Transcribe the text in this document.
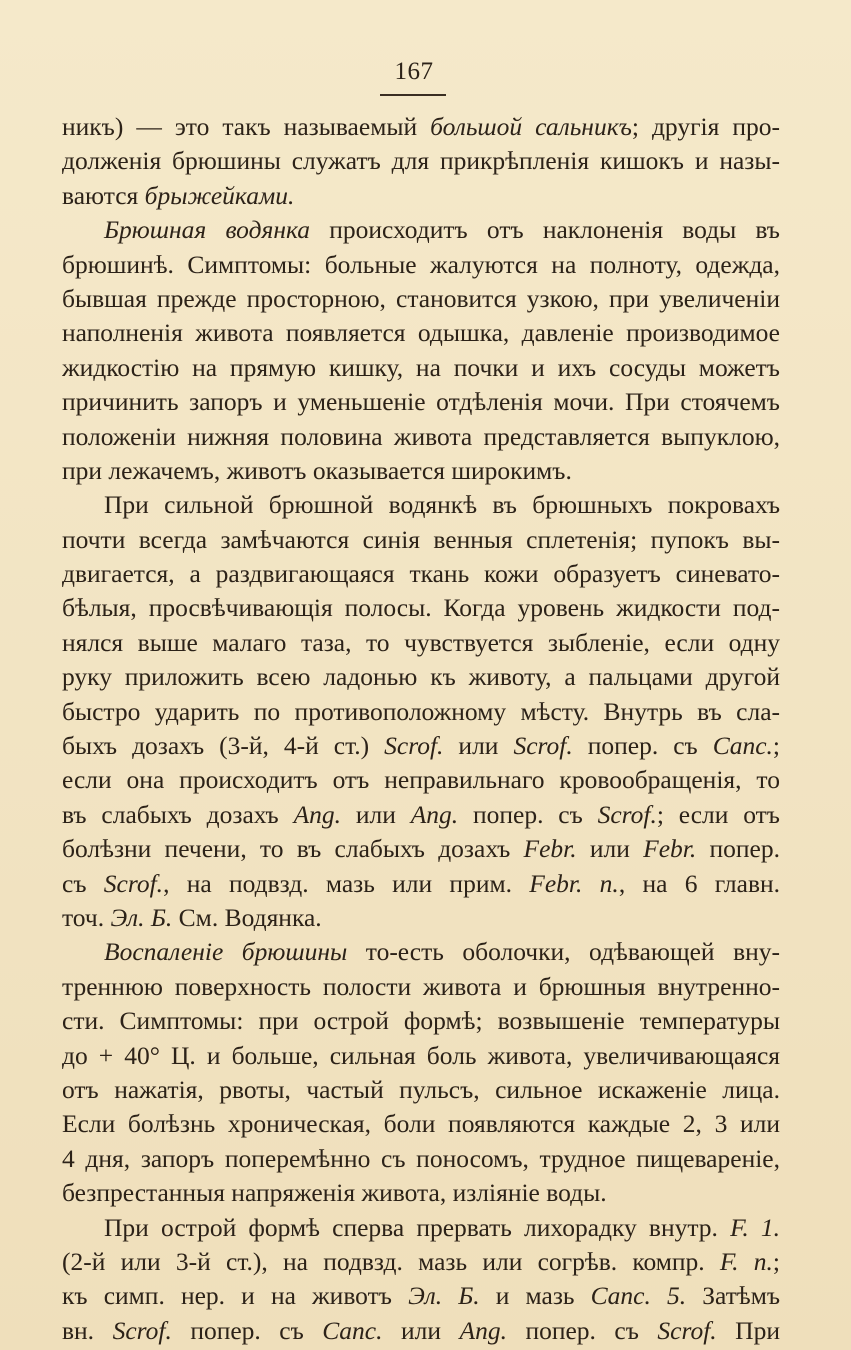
167
никъ) — это такъ называемый большой сальникъ; другія про-
долженія брюшины служатъ для прикрѣпленія кишокъ и назы-
ваются брыжейками.
Брюшная водянка происходитъ отъ наклоненія воды въ
брюшинѣ. Симптомы: больные жалуются на полноту, одежда,
бывшая прежде просторною, становится узкою, при увеличеніи
наполненія живота появляется одышка, давленіе производимое
жидкостію на прямую кишку, на почки и ихъ сосуды можетъ
причинить запоръ и уменьшеніе отдѣленія мочи. При стоячемъ
положеніи нижняя половина живота представляется выпуклою,
при лежачемъ, животъ оказывается широкимъ.
При сильной брюшной водянкѣ въ брюшныхъ покровахъ
почти всегда замѣчаются синія венныя сплетенія; пупокъ вы-
двигается, а раздвигающаяся ткань кожи образуетъ синевато-
бѣлыя, просвѣчивающія полосы. Когда уровень жидкости под-
нялся выше малаго таза, то чувствуется зыбленіе, если одну
руку приложить всею ладонью къ животу, а пальцами другой
быстро ударить по противоположному мѣсту. Внутрь въ сла-
быхъ дозахъ (3-й, 4-й ст.) Scrof. или Scrof. попер. съ Canc.;
если она происходитъ отъ неправильнаго кровообращенія, то
въ слабыхъ дозахъ Ang. или Ang. попер. съ Scrof.; если отъ
болѣзни печени, то въ слабыхъ дозахъ Febr. или Febr. попер.
съ Scrof., на подвзд. мазь или прим. Febr. n., на 6 главн.
точ. Эл. Б. См. Водянка.
Воспаленіе брюшины то-есть оболочки, одѣвающей вну-
треннюю поверхность полости живота и брюшныя внутренно-
сти. Симптомы: при острой формѣ; возвышеніе температуры
до + 40° Ц. и больше, сильная боль живота, увеличивающаяся
отъ нажатія, рвоты, частый пульсъ, сильное искаженіе лица.
Если болѣзнь хроническая, боли появляются каждые 2, 3 или
4 дня, запоръ поперемѣнно съ поносомъ, трудное пищевареніе,
безпрестанныя напряженія живота, изліяніе воды.
При острой формѣ сперва прервать лихорадку внутр. F. 1.
(2-й или 3-й ст.), на подвзд. мазь или согрѣв. компр. F. n.;
къ симп. нер. и на животъ Эл. Б. и мазь Canc. 5. Затѣмъ
вн. Scrof. попер. съ Canc. или Ang. попер. съ Scrof. При
